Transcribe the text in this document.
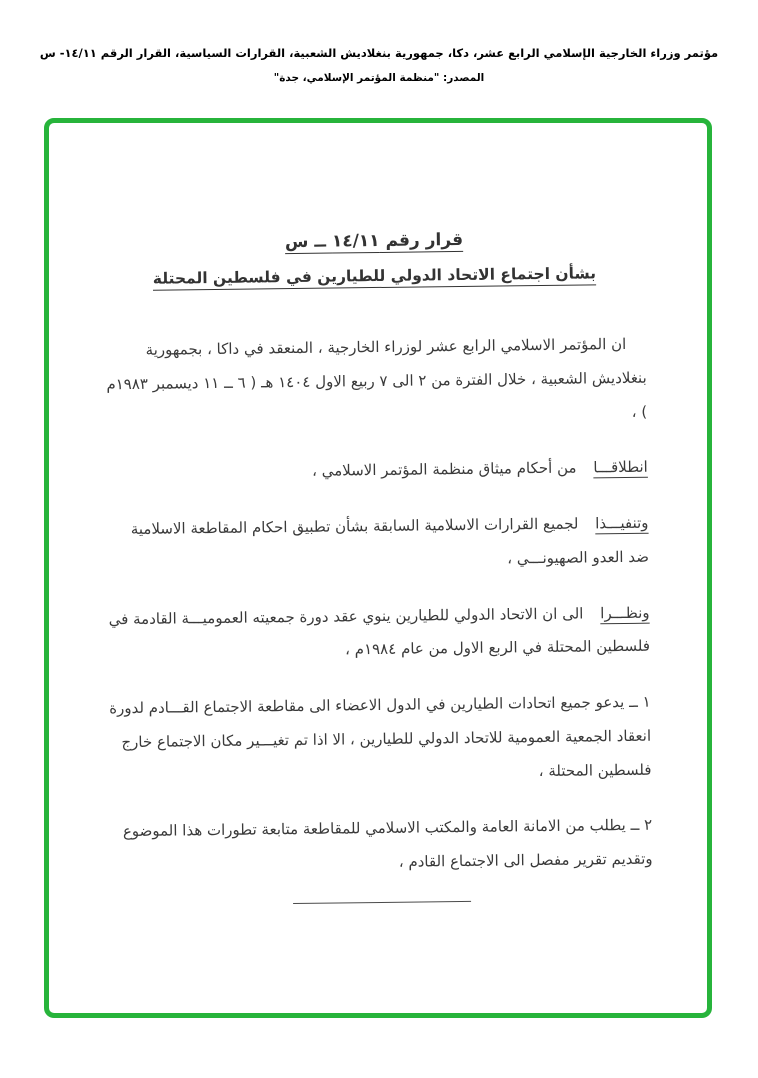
مؤتمر وزراء الخارجية الإسلامي الرابع عشر، دكا، جمهورية بنغلاديش الشعبية، القرارات السياسية، القرار الرقم ١٤/١١- س
المصدر: "منظمة المؤتمر الإسلامي، جدة"
قرار رقم ١٤/١١ ــ س
بشأن اجتماع الاتحاد الدولي للطيارين في فلسطين المحتلة

ان المؤتمر الاسلامي الرابع عشر لوزراء الخارجية ، المنعقد في داكا ، بجمهورية بنغلاديش الشعبية ، خلال الفترة من ٢ الى ٧ ربيع الاول ١٤٠٤ هـ ( ٦ ــ ١١ ديسمبر ١٩٨٣م ) ،

انطلاقـــا من أحكام ميثاق منظمة المؤتمر الاسلامي ،

وتنفيـــذا لجميع القرارات الاسلامية السابقة بشأن تطبيق احكام المقاطعة الاسلامية ضد العدو الصهيونـــي ،

ونظـــرا الى ان الاتحاد الدولي للطيارين ينوي عقد دورة جمعيته العموميـــة القادمة في فلسطين المحتلة في الربع الاول من عام ١٩٨٤م ،

١ ــ يدعو جميع اتحادات الطيارين في الدول الاعضاء الى مقاطعة الاجتماع القـــادم لدورة انعقاد الجمعية العمومية للاتحاد الدولي للطيارين ، الا اذا تم تغيـــير مكان الاجتماع خارج فلسطين المحتلة ،

٢ ــ يطلب من الامانة العامة والمكتب الاسلامي للمقاطعة متابعة تطورات هذا الموضوع وتقديم تقرير مفصل الى الاجتماع القادم ،
